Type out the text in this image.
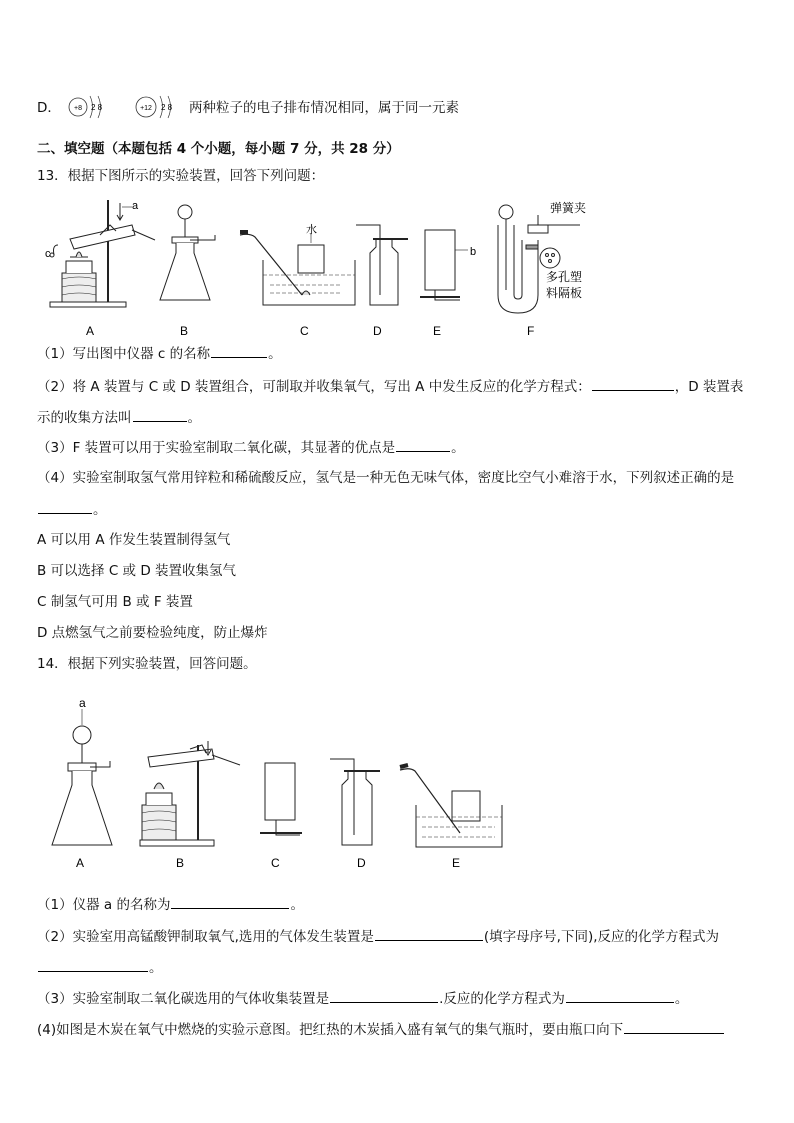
D． +8 2 8	+12 2 8 两种粒子的电子排布情况相同，属于同一元素
二、填空题（本题包括 4 个小题，每小题 7 分，共 28 分）
13．根据下图所示的实验装置，回答下列问题：
a
c
水
b
弹簧夹
多孔塑
料隔板
A	B	C	D	E	F
（1）写出图中仪器 c 的名称	。
（2）将 A 装置与 C 或 D 装置组合，可制取并收集氧气，写出 A 中发生反应的化学方程式：	，D 装置表
示的收集方法叫	。
（3）F 装置可以用于实验室制取二氧化碳，其显著的优点是	。
（4）实验室制取氢气常用锌粒和稀硫酸反应，氢气是一种无色无味气体，密度比空气小难溶于水，下列叙述正确的是
。
A 可以用 A 作发生装置制得氢气
B 可以选择 C 或 D 装置收集氢气
C 制氢气可用 B 或 F 装置
D 点燃氢气之前要检验纯度，防止爆炸
14．根据下列实验装置，回答问题。
a
A	B	C	D	E
（1）仪器 a 的名称为	。
（2）实验室用高锰酸钾制取氧气,选用的气体发生装置是	(填字母序号,下同),反应的化学方程式为
。
（3）实验室制取二氧化碳选用的气体收集装置是	.反应的化学方程式为	。
(4)如图是木炭在氧气中燃烧的实验示意图。把红热的木炭插入盛有氧气的集气瓶时，要由瓶口向下
